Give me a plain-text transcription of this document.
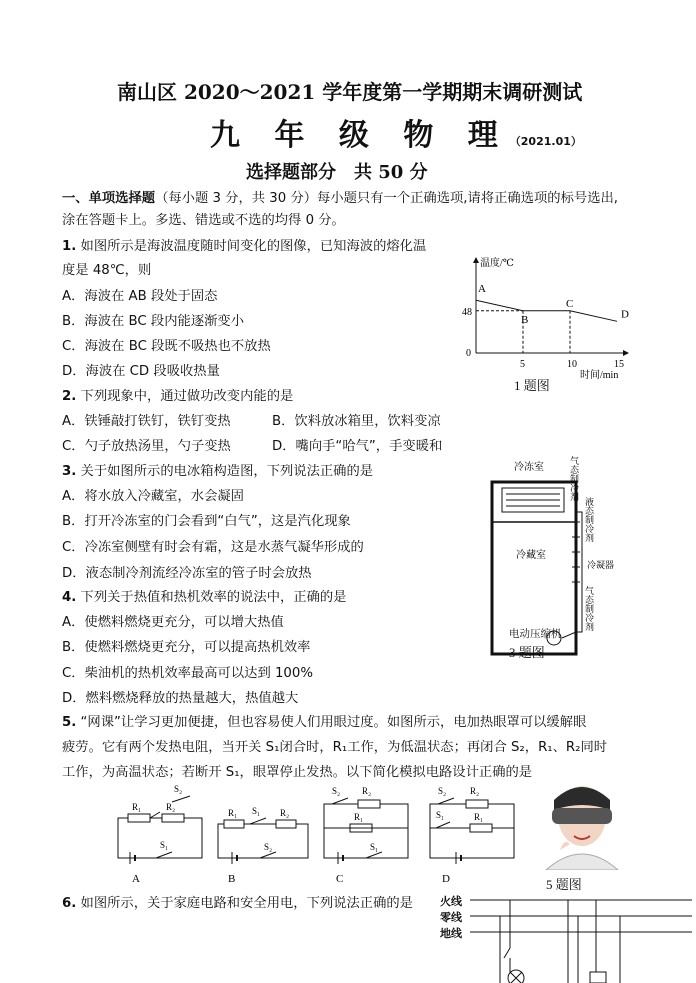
南山区 2020～2021 学年度第一学期期末调研测试
九 年 级 物 理（2021.01）
选择题部分　共 50 分
一、单项选择题（每小题 3 分，共 30 分）每小题只有一个正确选项,请将正确选项的标号选出,
涂在答题卡上。多选、错选或不选的均得 0 分。
1. 如图所示是海波温度随时间变化的图像，已知海波的熔化温
度是 48℃，则
A．海波在 AB 段处于固态
B．海波在 BC 段内能逐渐变小
C．海波在 BC 段既不吸热也不放热
D．海波在 CD 段吸收热量
温度/℃
时间/min
A
B
C
D
0
5	10	15
48
1 题图
2. 下列现象中，通过做功改变内能的是
A．铁锤敲打铁钉，铁钉变热	B．饮料放冰箱里，饮料变凉
C．勺子放热汤里，勺子变热	D．嘴向手“哈气”，手变暖和
3. 关于如图所示的电冰箱构造图，下列说法正确的是
A．将水放入冷藏室，水会凝固
B．打开冷冻室的门会看到“白气”，这是汽化现象
C．冷冻室侧壁有时会有霜，这是水蒸气凝华形成的
D．液态制冷剂流经冷冻室的管子时会放热
冷冻室
冷藏室
气态制冷剂
液态制冷剂
冷凝器
气态制冷剂
电动压缩机
3 题图
4. 下列关于热值和热机效率的说法中，正确的是
A．使燃料燃烧更充分，可以增大热值
B．使燃料燃烧更充分，可以提高热机效率
C．柴油机的热机效率最高可以达到 100%
D．燃料燃烧释放的热量越大，热值越大
5. “网课”让学习更加便捷，但也容易使人们用眼过度。如图所示，电加热眼罩可以缓解眼
疲劳。它有两个发热电阻，当开关 S₁闭合时，R₁工作，为低温状态；再闭合 S₂，R₁、R₂同时
工作，为高温状态；若断开 S₁，眼罩停止发热。以下简化模拟电路设计正确的是
R₁	R₂
S₂
S₁
A
R₁ S₁ R₂
S₂
B
S₂ R₂
R₁
S₁
C
S₂	R₂
S₁	R₁
D	5 题图
6. 如图所示，关于家庭电路和安全用电，下列说法正确的是 火线
零线
地线
